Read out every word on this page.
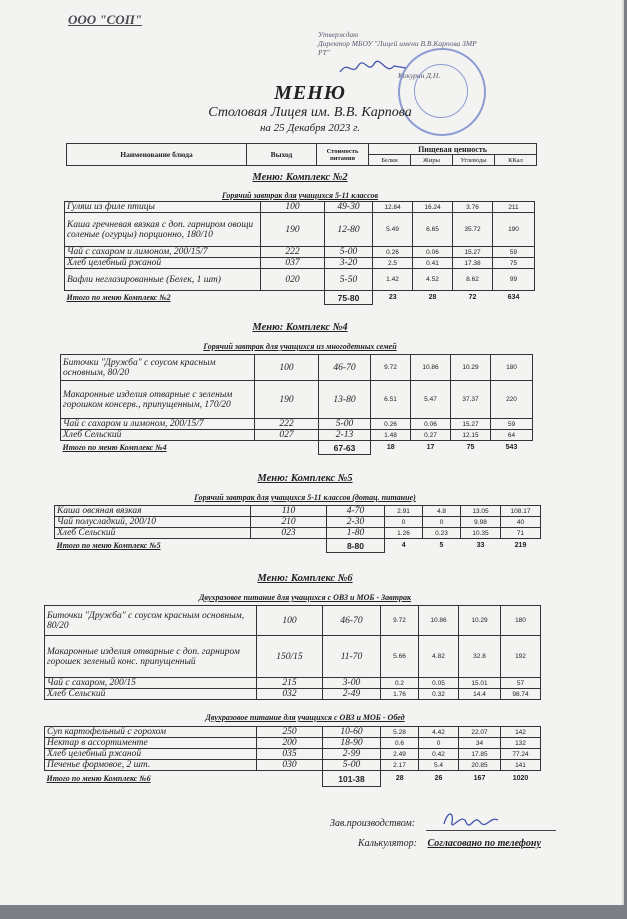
ООО "СОП"
Утверждаю
Директор МБОУ "Лицей имени В.В.Карпова ЗМР
РТ"
Кокурин Д.Н.
МЕНЮ
Столовая Лицея им. В.В. Карпова
на 25 Декабря 2023 г.
Наименование блюда	Выход	Стоимость питания	Пищевая ценность			
			Белки	Жиры	Углеводы	ККал
Меню: Комплекс №2
Горячий завтрак для учащихся 5-11 классов
Гуляш из филе птицы	100	49-30	12.84	16.24	3.76	211
Каша гречневая вязкая с доп. гарниром овощи соленые (огурцы) порционно, 180/10	190	12-80	5.49	6.65	35.72	190
Чай с сахаром и лимоном, 200/15/7	222	5-00	0.26	0.06	15.27	59
Хлеб целебный ржаной	037	3-20	2.5	0.41	17.38	75
Вафли неглазированные (Белек, 1 шт)	020	5-50	1.42	4.52	8.62	99
Итого по меню Комплекс №2		75-80	23	28	72	634
Меню: Комплекс №4
Горячий завтрак для учащихся из многодетных семей
Биточки "Дружба" с соусом красным основным, 80/20	100	46-70	9.72	10.86	10.29	180
Макаронные изделия отварные с зеленым горошком консерв., припущенным, 170/20	190	13-80	6.51	5.47	37.37	220
Чай с сахаром и лимоном, 200/15/7	222	5-00	0.26	0.06	15.27	59
Хлеб Сельский	027	2-13	1.48	0.27	12.15	64
Итого по меню Комплекс №4		67-63	18	17	75	543
Меню: Комплекс №5
Горячий завтрак для учащихся 5-11 классов (дотац. питание)
Каша овсяная вязкая	110	4-70	2.91	4.8	13.05	108.17
Чай полусладкий, 200/10	210	2-30	0	0	9.98	40
Хлеб Сельский	023	1-80	1.26	0.23	10.35	71
Итого по меню Комплекс №5		8-80	4	5	33	219
Меню: Комплекс №6
Двухразовое питание для учащихся с ОВЗ и МОБ - Завтрак
Биточки "Дружба" с соусом красным основным, 80/20	100	46-70	9.72	10.86	10.29	180
Макаронные изделия отварные с доп. гарниром горошек зеленый конс. припущенный	150/15	11-70	5.66	4.82	32.8	192
Чай с сахаром, 200/15	215	3-00	0.2	0.05	15.01	57
Хлеб Сельский	032	2-49	1.76	0.32	14.4	98.74
Двухразовое питание для учащихся с ОВЗ и МОБ - Обед
Суп картофельный с горохом	250	10-60	5.28	4.42	22.07	142
Нектар в ассортименте	200	18-90	0.6	0	34	132
Хлеб целебный ржаной	035	2-99	2.49	0.42	17.85	77.24
Печенье формовое, 2 шт.	030	5-00	2.17	5.4	20.85	141
Итого по меню Комплекс №6		101-38	28	26	167	1020
Зав.производством:
Калькулятор: Согласовано по телефону
